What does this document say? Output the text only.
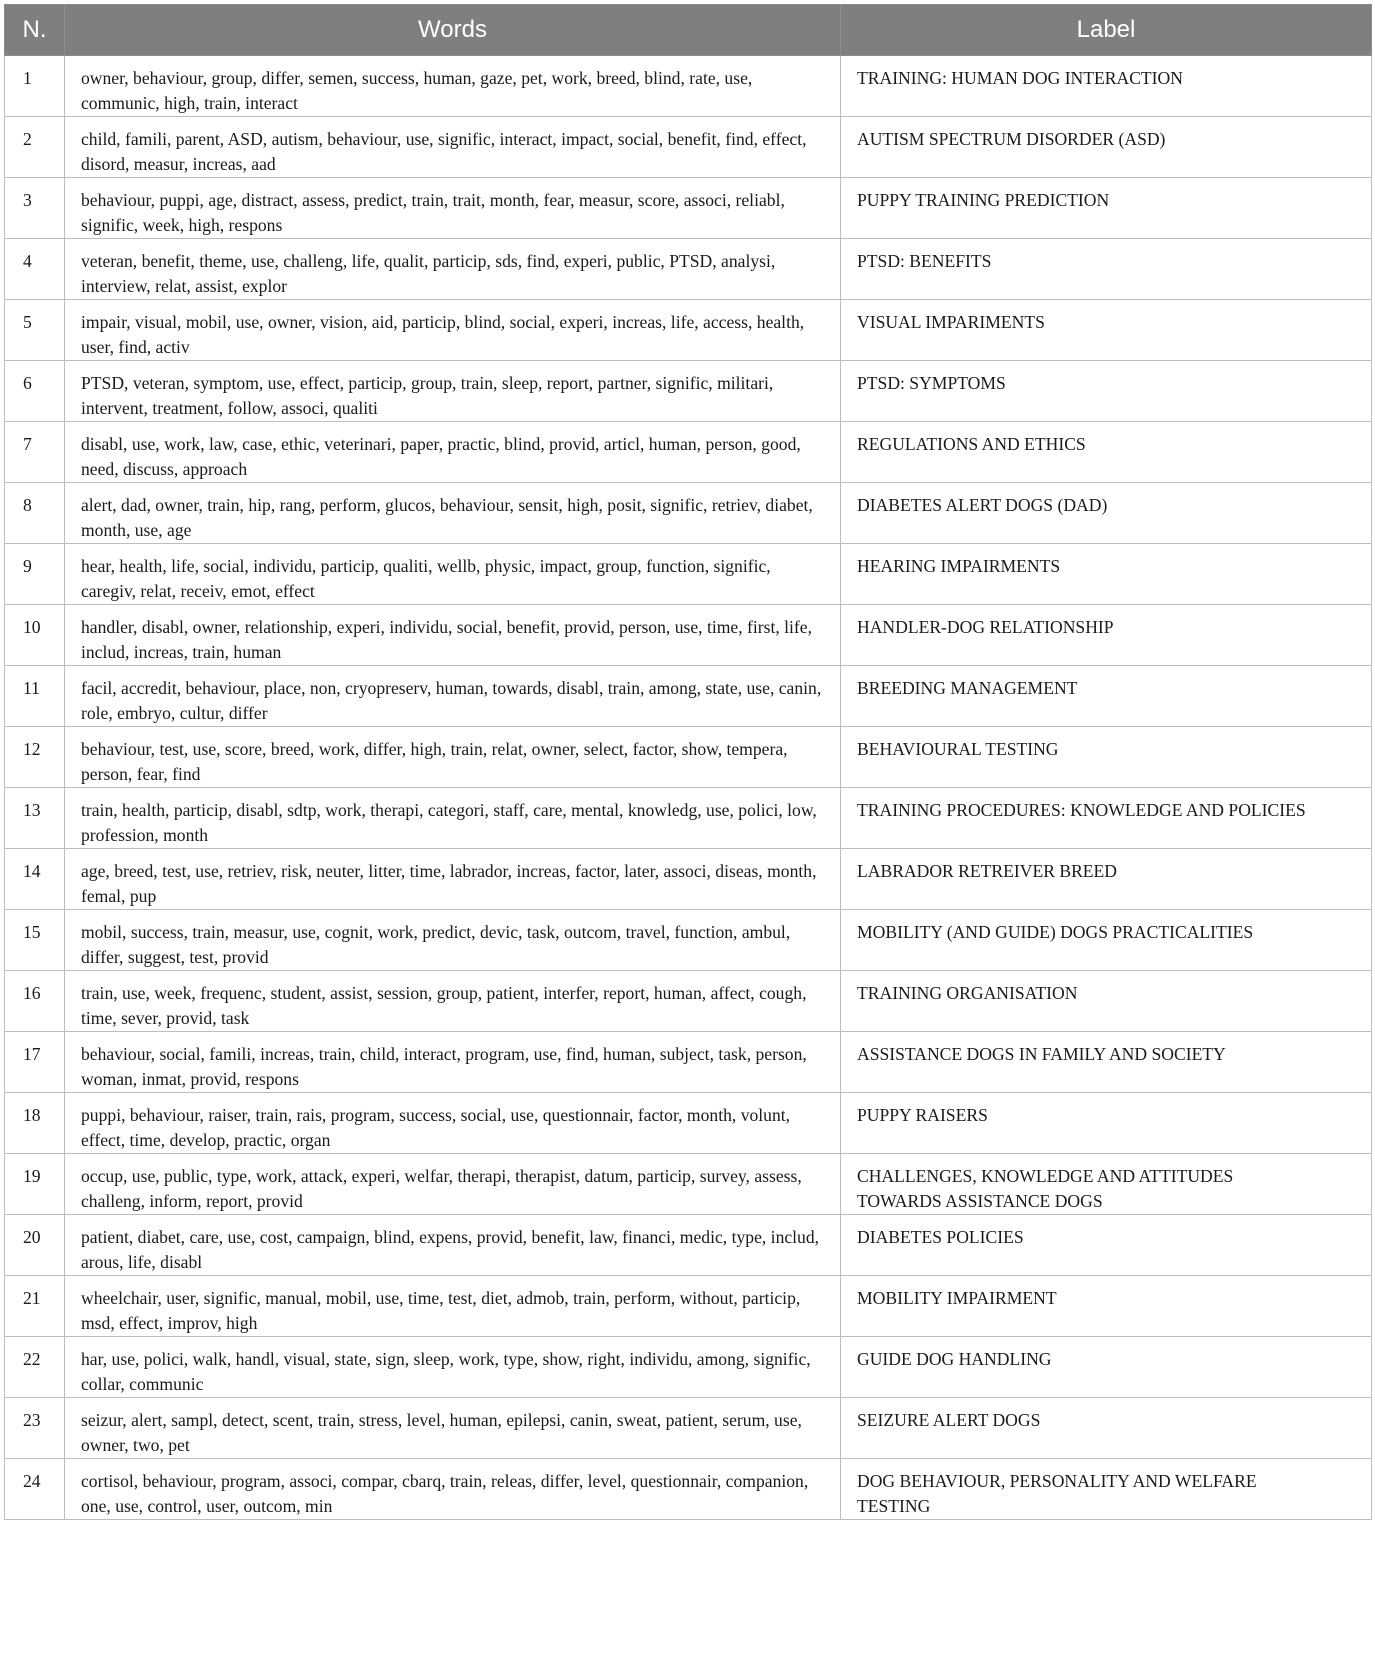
N.	Words	Label
1	owner, behaviour, group, differ, semen, success, human, gaze, pet, work, breed, blind, rate, use, communic, high, train, interact	TRAINING: HUMAN DOG INTERACTION
2	child, famili, parent, ASD, autism, behaviour, use, signific, interact, impact, social, benefit, find, effect, disord, measur, increas, aad	AUTISM SPECTRUM DISORDER (ASD)
3	behaviour, puppi, age, distract, assess, predict, train, trait, month, fear, measur, score, associ, reliabl, signific, week, high, respons	PUPPY TRAINING PREDICTION
4	veteran, benefit, theme, use, challeng, life, qualit, particip, sds, find, experi, public, PTSD, analysi, interview, relat, assist, explor	PTSD: BENEFITS
5	impair, visual, mobil, use, owner, vision, aid, particip, blind, social, experi, increas, life, access, health, user, find, activ	VISUAL IMPARIMENTS
6	PTSD, veteran, symptom, use, effect, particip, group, train, sleep, report, partner, signific, militari, intervent, treatment, follow, associ, qualiti	PTSD: SYMPTOMS
7	disabl, use, work, law, case, ethic, veterinari, paper, practic, blind, provid, articl, human, person, good, need, discuss, approach	REGULATIONS AND ETHICS
8	alert, dad, owner, train, hip, rang, perform, glucos, behaviour, sensit, high, posit, signific, retriev, diabet, month, use, age	DIABETES ALERT DOGS (DAD)
9	hear, health, life, social, individu, particip, qualiti, wellb, physic, impact, group, function, signific, caregiv, relat, receiv, emot, effect	HEARING IMPAIRMENTS
10	handler, disabl, owner, relationship, experi, individu, social, benefit, provid, person, use, time, first, life, includ, increas, train, human	HANDLER-DOG RELATIONSHIP
11	facil, accredit, behaviour, place, non, cryopreserv, human, towards, disabl, train, among, state, use, canin, role, embryo, cultur, differ	BREEDING MANAGEMENT
12	behaviour, test, use, score, breed, work, differ, high, train, relat, owner, select, factor, show, tempera, person, fear, find	BEHAVIOURAL TESTING
13	train, health, particip, disabl, sdtp, work, therapi, categori, staff, care, mental, knowledg, use, polici, low, profession, month	TRAINING PROCEDURES: KNOWLEDGE AND POLICIES
14	age, breed, test, use, retriev, risk, neuter, litter, time, labrador, increas, factor, later, associ, diseas, month, femal, pup	LABRADOR RETREIVER BREED
15	mobil, success, train, measur, use, cognit, work, predict, devic, task, outcom, travel, function, ambul, differ, suggest, test, provid	MOBILITY (AND GUIDE) DOGS PRACTICALITIES
16	train, use, week, frequenc, student, assist, session, group, patient, interfer, report, human, affect, cough, time, sever, provid, task	TRAINING ORGANISATION
17	behaviour, social, famili, increas, train, child, interact, program, use, find, human, subject, task, person, woman, inmat, provid, respons	ASSISTANCE DOGS IN FAMILY AND SOCIETY
18	puppi, behaviour, raiser, train, rais, program, success, social, use, questionnair, factor, month, volunt, effect, time, develop, practic, organ	PUPPY RAISERS
19	occup, use, public, type, work, attack, experi, welfar, therapi, therapist, datum, particip, survey, assess, challeng, inform, report, provid	CHALLENGES, KNOWLEDGE AND ATTITUDES TOWARDS ASSISTANCE DOGS
20	patient, diabet, care, use, cost, campaign, blind, expens, provid, benefit, law, financi, medic, type, includ, arous, life, disabl	DIABETES POLICIES
21	wheelchair, user, signific, manual, mobil, use, time, test, diet, admob, train, perform, without, particip, msd, effect, improv, high	MOBILITY IMPAIRMENT
22	har, use, polici, walk, handl, visual, state, sign, sleep, work, type, show, right, individu, among, signific, collar, communic	GUIDE DOG HANDLING
23	seizur, alert, sampl, detect, scent, train, stress, level, human, epilepsi, canin, sweat, patient, serum, use, owner, two, pet	SEIZURE ALERT DOGS
24	cortisol, behaviour, program, associ, compar, cbarq, train, releas, differ, level, questionnair, companion, one, use, control, user, outcom, min	DOG BEHAVIOUR, PERSONALITY AND WELFARE TESTING
